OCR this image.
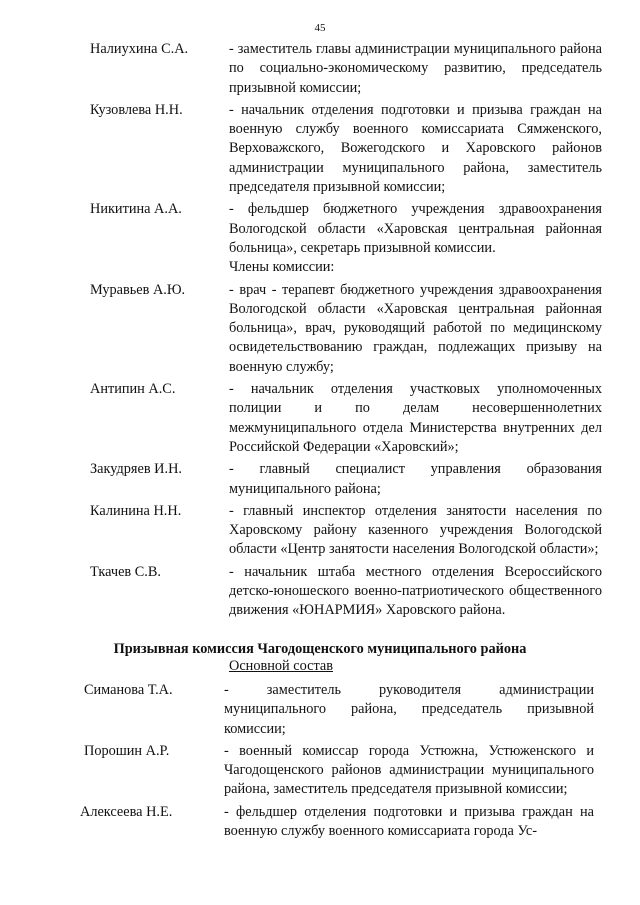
45
Налиухина С.А.	- заместитель главы администрации муниципального района по социально-экономическому развитию, председатель призывной комиссии;
Кузовлева Н.Н.	- начальник отделения подготовки и призыва граждан на военную службу военного комиссариата Сямженского, Верховажского, Вожегодского и Харовского районов администрации муниципального района, заместитель председателя призывной комиссии;
Никитина А.А.	- фельдшер бюджетного учреждения здравоохранения Вологодской области «Харовская центральная районная больница», секретарь призывной комиссии.
Члены комиссии:
Муравьев А.Ю.	- врач - терапевт бюджетного учреждения здравоохранения Вологодской области «Харовская центральная районная больница», врач, руководящий работой по медицинскому освидетельствованию граждан, подлежащих призыву на военную службу;
Антипин А.С.	- начальник отделения участковых уполномоченных полиции и по делам несовершеннолетних межмуниципального отдела Министерства внутренних дел Российской Федерации «Харовский»;
Закудряев И.Н.	- главный специалист управления образования муниципального района;
Калинина Н.Н.	- главный инспектор отделения занятости населения по Харовскому району казенного учреждения Вологодской области «Центр занятости населения Вологодской области»;
Ткачев С.В.	- начальник штаба местного отделения Всероссийского детско-юношеского военно-патриотического общественного движения «ЮНАРМИЯ» Харовского района.
Призывная комиссия Чагодощенского муниципального района
Основной состав
Симанова Т.А.	- заместитель руководителя администрации муниципального района, председатель призывной комиссии;
Порошин А.Р.	- военный комиссар города Устюжна, Устюженского и Чагодощенского районов администрации муниципального района, заместитель председателя призывной комиссии;
Алексеева Н.Е.	- фельдшер отделения подготовки и призыва граждан на военную службу военного комиссариата города Ус-
